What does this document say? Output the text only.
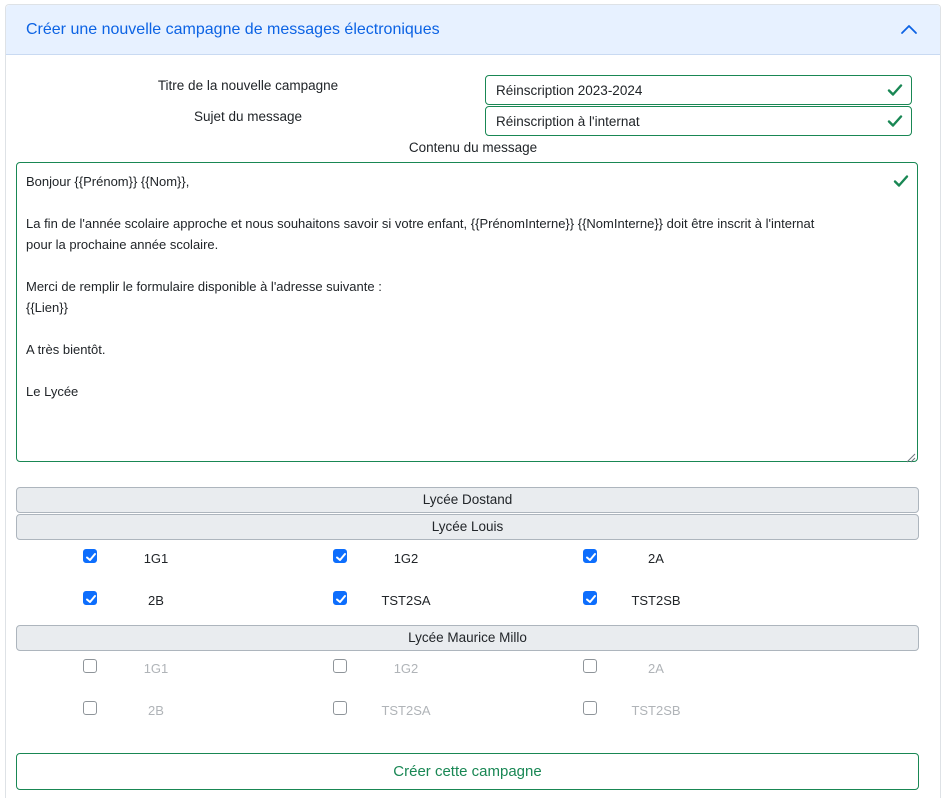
Créer une nouvelle campagne de messages électroniques
Titre de la nouvelle campagne	Réinscription 2023-2024
Sujet du message	Réinscription à l'internat
Contenu du message
Bonjour {{Prénom}} {{Nom}},
La fin de l'année scolaire approche et nous souhaitons savoir si votre enfant, {{PrénomInterne}} {{NomInterne}} doit être inscrit à l'internat
pour la prochaine année scolaire.
Merci de remplir le formulaire disponible à l'adresse suivante :
{{Lien}}
A très bientôt.
Le Lycée
Lycée Dostand
Lycée Louis
1G1	1G2	2A
2B	TST2SA	TST2SB
Lycée Maurice Millo
1G1	1G2	2A
2B	TST2SA	TST2SB
Créer cette campagne
